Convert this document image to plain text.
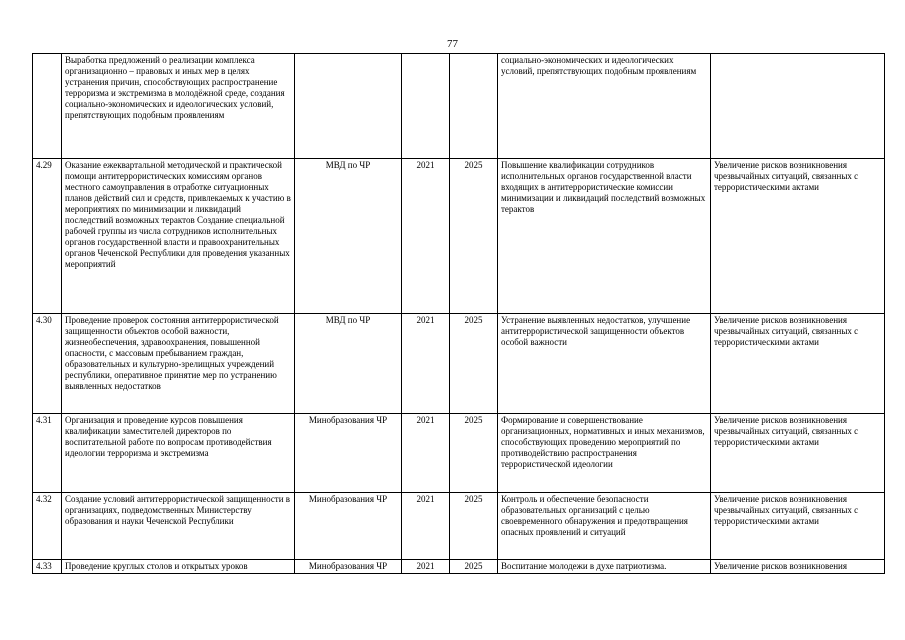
77
	Выработка предложений о реализации комплекса организационно – правовых и иных мер в целях устранения причин, способствующих распространение терроризма и экстремизма в молодёжной среде, создания социально-экономических и идеологических условий, препятствующих подобным проявлениям				социально-экономических и идеологических условий, препятствующих подобным проявлениям	
4.29	Оказание ежеквартальной методической и практической помощи антитеррористических комиссиям органов местного самоуправления в отработке ситуационных планов действий сил и средств, привлекаемых к участию в мероприятиях по минимизации и ликвидаций последствий возможных терактов Создание специальной рабочей группы из числа сотрудников исполнительных органов государственной власти и правоохранительных органов Чеченской Республики для проведения указанных мероприятий	МВД по ЧР	2021	2025	Повышение квалификации сотрудников исполнительных органов государственной власти входящих в антитеррористические комиссии минимизации и ликвидаций последствий возможных терактов	Увеличение рисков возникновения чрезвычайных ситуаций, связанных с террористическими актами
4.30	Проведение проверок состояния антитеррористической защищенности объектов особой важности, жизнеобеспечения, здравоохранения, повышенной опасности, с массовым пребыванием граждан, образовательных и культурно-зрелищных учреждений республики, оперативное принятие мер по устранению выявленных недостатков	МВД по ЧР	2021	2025	Устранение выявленных недостатков, улучшение антитеррористической защищенности объектов особой важности	Увеличение рисков возникновения чрезвычайных ситуаций, связанных с террористическими актами
4.31	Организация и проведение курсов повышения квалификации заместителей директоров по воспитательной работе по вопросам противодействия идеологии терроризма и экстремизма	Минобразования ЧР	2021	2025	Формирование и совершенствование организационных, нормативных и иных механизмов, способствующих проведению мероприятий по противодействию распространения террористической идеологии	Увеличение рисков возникновения чрезвычайных ситуаций, связанных с террористическими актами
4.32	Создание условий антитеррористической защищенности в организациях, подведомственных Министерству образования и науки Чеченской Республики	Минобразования ЧР	2021	2025	Контроль и обеспечение безопасности образовательных организаций с целью своевременного обнаружения и предотвращения опасных проявлений и ситуаций	Увеличение рисков возникновения чрезвычайных ситуаций, связанных с террористическими актами
4.33	Проведение круглых столов и открытых уроков	Минобразования ЧР	2021	2025	Воспитание молодежи в духе патриотизма.	Увеличение рисков возникновения
